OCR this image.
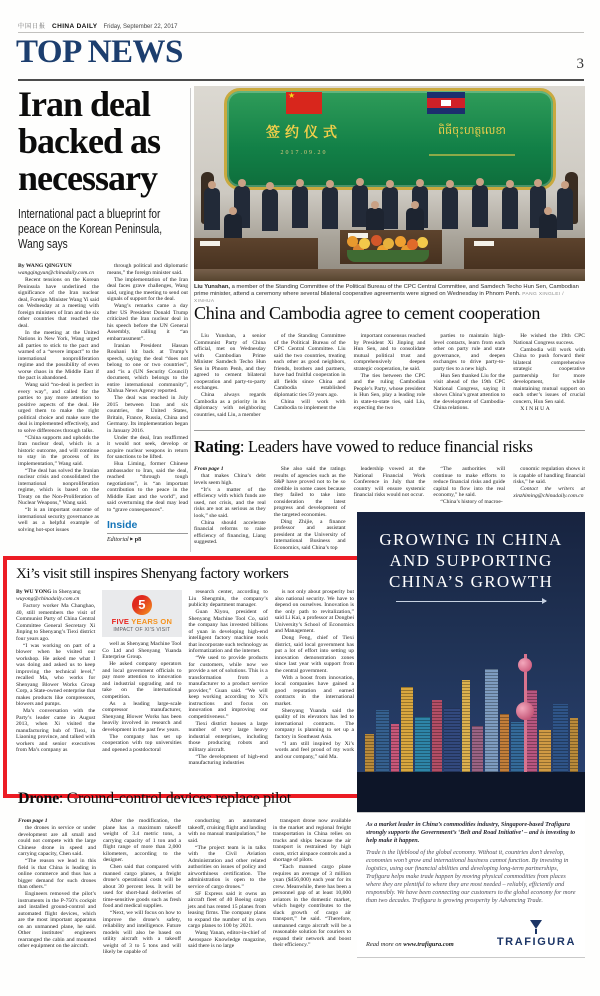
中国日报 CHINA DAILY Friday, September 22, 2017
TOP NEWS	3
Iran deal
backed as
necessary
International pact a blueprint for peace on the Korean Peninsula, Wang says

By WANG QINGYUN

wangqingyun@chinadaily.com.cn

Recent tensions on the Korean Peninsula have underlined the significance of the Iran nuclear deal, Foreign Minister Wang Yi said on Wednesday at a meeting with foreign ministers of Iran and the six other countries that reached the deal.

In the meeting at the United Nations in New York, Wang urged all parties to stick to the pact and warned of a “severe impact” to the international nonproliferation regime and the possibility of even worse chaos in the Middle East if the pact is abandoned.

Wang said “no-deal is perfect in every way”, and called for the parties to pay more attention to positive aspects of the deal. He urged them to make the right political choice and make sure the deal is implemented effectively, and to solve differences through talks.

“China supports and upholds the Iran nuclear deal, which is a historic outcome, and will continue to stay in the process of its implementation,” Wang said.

“The deal has solved the Iranian nuclear crisis and consolidated the international nonproliferation regime, which is based on the Treaty on the Non-Proliferation of Nuclear Weapons,” Wang said.

“It is an important outcome of international security governance as well as a helpful example of solving hot-spot issues

through political and diplomatic means,” the foreign minister said.

The implementation of the Iran deal faces grave challenges, Wang said, urging the meeting to send out signals of support for the deal.

Wang’s remarks came a day after US President Donald Trump criticized the Iran nuclear deal in his speech before the UN General Assembly, calling it “an embarrassment”.

Iranian President Hassan Rouhani hit back at Trump’s speech, saying the deal “does not belong to one or two countries”, and “is a (UN Security Council) document, which belongs to the entire international community”, Xinhua News Agency reported.

The deal was reached in July 2015 between Iran and six countries, the United States, Britain, France, Russia, China and Germany. Its implementation began in January 2016.

Under the deal, Iran reaffirmed it would not seek, develop or acquire nuclear weapons in return for sanctions to be lifted.

Hua Liming, former Chinese ambassador to Iran, said the deal, reached “through tough negotiations”, is “an important contribution to the peace in the Middle East and the world”, and said overturning the deal may lead to “grave consequences”.

Inside
Editorial ▶ p8
★
签约仪式
2017.09.20
ពិធីចុះហត្ថលេខា

Liu Yunshan, a member of the Standing Committee of the Political Bureau of the CPC Central Committee, and Samdech Techo Hun Sen, Cambodian prime minister, attend a ceremony where several bilateral cooperative agreements were signed on Wednesday in Phnom Penh. PANG XINGLEI / XINHUA

China and Cambodia agree to cement cooperation

Liu Yunshan, a senior Communist Party of China official, met on Wednesday with Cambodian Prime Minister Samdech Techo Hun Sen in Phnom Penh, and they agreed to cement bilateral cooperation and party-to-party exchanges.

China always regards Cambodia as a priority in its diplomacy with neighboring countries, said Liu, a member

of the Standing Committee of the Political Bureau of the CPC Central Committee. Liu said the two countries, treating each other as good neighbors, friends, brothers and partners, have had fruitful cooperation in all fields since China and Cambodia established diplomatic ties 59 years ago.

China will work with Cambodia to implement the

important consensus reached by President Xi Jinping and Hun Sen, and to consolidate mutual political trust and comprehensively deepen strategic cooperation, he said.

The ties between the CPC and the ruling Cambodian People’s Party, whose president is Hun Sen, play a leading role in state-to-state ties, said Liu, expecting the two

parties to maintain high-level contacts, learn from each other on party rule and state governance, and deepen exchanges to drive party-to-party ties to a new high.

Hun Sen thanked Liu for the visit ahead of the 19th CPC National Congress, saying it shows China’s great attention to the development of Cambodia-China relations.

He wished the 19th CPC National Congress success.

Cambodia will work with China to push forward their bilateral comprehensive strategic cooperative partnership for more development, while maintaining mutual support on each other’s issues of crucial concern, Hun Sen said.

XINHUA

Rating: Leaders have vowed to reduce financial risks

From page 1

that makes China’s debt levels seem high.

“It’s a matter of the efficiency with which funds are used, not crisis, and the real risks are not as serious as they look,” she said.

China should accelerate financial reforms to raise efficiency of financing, Liang suggested.

She also said the ratings results of agencies such as the S&P have proved not to be so credible in some cases because they failed to take into consideration the latest progress and development of the targeted economies.

Ding Zhijie, a finance professor and assistant president at the University of International Business and Economics, said China’s top

leadership vowed at the National Financial Work Conference in July that the country will ensure systemic financial risks would not occur.

“The authorities will continue to make efforts to reduce financial risks and guide capital to flow into the real economy,” he said.

“China’s history of macroe-

conomic regulation shows it is capable of handling financial risks,” he said.

Contact the writers at xinzhiming@chinadaily.com.cn

Xi’s visit still inspires Shenyang factory workers

By WU YONG in Shenyang

wuyong@chinadaily.com.cn

Factory worker Ma Changhao, 40, still remembers the visit of Communist Party of China Central Committee General Secretary Xi Jinping to Shenyang’s Tiexi district four years ago.

“I was working on part of a blower when he visited our workshop. He asked me what I was doing and asked us to keep improving the technical level,” recalled Ma, who works for Shenyang Blower Works Group Corp, a State-owned enterprise that makes products like compressors, blowers and pumps.

Ma’s conversation with the Party’s leader came in August 2013, when Xi visited the manufacturing hub of Tiexi, in Liaoning province, and talked with workers and senior executives from Ma’s company as

5
FIVE YEARS ON
IMPACT OF XI'S VISIT

well as Shenyang Machine Tool Co Ltd and Shenyang Yuanda Enterprise Group.

He asked company operators and local government officials to pay more attention to innovation and industrial upgrading and to take on the international competition.

As a leading large-scale compressor manufacturer, Shenyang Blower Works has been heavily involved in research and development in the past few years.

The company has set up cooperation with top universities and opened a postdoctoral

research center, according to Liu Shengmin, the company’s publicity department manager.

Guan Xiyou, president of Shenyang Machine Tool Co, said the company has invested billions of yuan in developing high-end intelligent factory machine tools that incorporate such technology as informatization and the internet.

“We used to provide products for customers, while now we provide a set of solutions. This is a transformation from a manufacturer to a product service provider,” Guan said. “We will keep working according to Xi’s instructions and focus on innovation and improving our competitiveness.”

Tiexi district houses a large number of very large heavy industrial enterprises, including those producing robots and military aircraft.

“The development of high-end manufacturing industries

is not only about prosperity but also national security. We have to depend on ourselves. Innovation is the only path to revitalization,” said Li Kai, a professor at Dongbei University’s School of Economics and Management.

Dong Feng, chief of Tiexi district, said local government has put a lot of effort into setting up innovation demonstration zones since last year with support from the central government.

With a boost from innovation, local companies have gained a good reputation and earned contracts in the international market.

Shenyang Yuanda said the quality of its elevators has led to international contracts. The company is planning to set up a factory in Southeast Asia.

“I am still inspired by Xi’s words and feel proud of my work and our company,” said Ma.

Drone: Ground-control devices replace pilot

From page 1

the drones in service or under development are all small and could not compete with the large Chinese drone in speed and carrying capacity, Chen said.

“The reason we lead in this field is that China is leading in online commerce and thus has a bigger demand for such drones than others.”

Engineers removed the pilot’s instruments in the P-750’s cockpit and installed ground-control and automated flight devices, which are the most important apparatus on an unmanned plane, he said. Other institutes’ engineers rearranged the cabin and mounted other equipment on the aircraft.

After the modification, the plane has a maximum takeoff weight of 3.4 metric tons, a carrying capacity of 1 ton and a flight range of more than 2,000 kilometers, according to the designer.

Chen said that compared with manned cargo planes, a freight drone’s operational costs will be about 30 percent less. It will be used for short-haul deliveries of time-sensitive goods such as fresh food and medical supplies.

“Next, we will focus on how to improve the drone’s safety, reliability and intelligence. Future models will also be based on utility aircraft with a takeoff weight of 3 to 5 tons and will likely be capable of

conducting an automated takeoff, cruising flight and landing with no manual manipulation,” he said.

“The project team is in talks with the Civil Aviation Administration and other related authorities on issues of policy and airworthiness certification. The administration is open to the service of cargo drones.”

SF Express said it owns an aircraft fleet of 40 Boeing cargo jets and has rented 15 planes from leasing firms. The company plans to expand the number of its own cargo planes to 100 by 2021.

Wang Yanan, editor-in-chief of Aerospace Knowledge magazine, said there is no large

transport drone now available in the market and regional freight transportation in China relies on trucks and ships because the air transport is restrained by high costs, strict airspace controls and a shortage of pilots.

“Each manned cargo plane requires an average of 3 million yuan ($456,000) each year for its crew. Meanwhile, there has been a personnel gap of at least 10,000 aviators in the domestic market, which hugely contributes to the slack growth of cargo air transport,” he said. “Therefore, unmanned cargo aircraft will be a reasonable solution for couriers to expand their network and boost their efficiency.”

GROWING IN CHINA
AND SUPPORTING
CHINA’S GROWTH

As a market leader in China’s commodities industry, Singapore-based Trafigura strongly supports the Government’s ‘Belt and Road Initiative’ – and is investing to help make it happen.

Trade is the lifeblood of the global economy. Without it, countries don’t develop, economies won’t grow and international business cannot function. By investing in logistics, using our financial abilities and developing long-term partnerships, Trafigura helps make trade happen by moving physical commodities from places where they are plentiful to where they are most needed – reliably, efficiently and responsibly. We have been connecting our customers to the global economy for more than two decades. Trafigura is growing prosperity by Advancing Trade.

Read more on www.trafigura.com	TRAFIGURA
